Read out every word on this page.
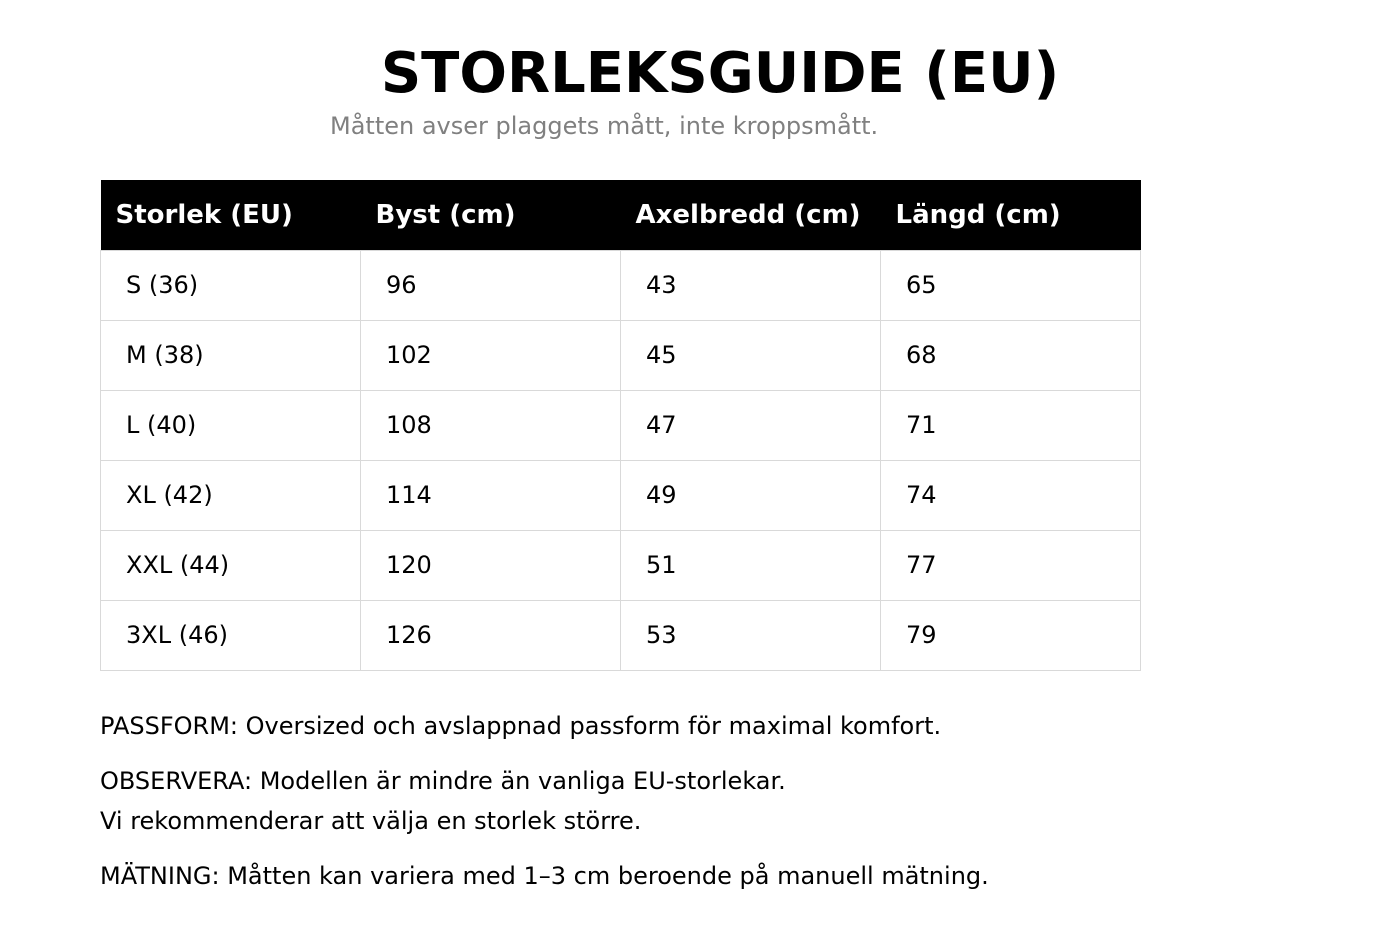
STORLEKSGUIDE (EU)

Måtten avser plaggets mått, inte kroppsmått.

Storlek (EU)	Byst (cm)	Axelbredd (cm)	Längd (cm)
S (36)	96	43	65
M (38)	102	45	68
L (40)	108	47	71
XL (42)	114	49	74
XXL (44)	120	51	77
3XL (46)	126	53	79

PASSFORM: Oversized och avslappnad passform för maximal komfort.

OBSERVERA: Modellen är mindre än vanliga EU-storlekar.

Vi rekommenderar att välja en storlek större.

MÄTNING: Måtten kan variera med 1–3 cm beroende på manuell mätning.
